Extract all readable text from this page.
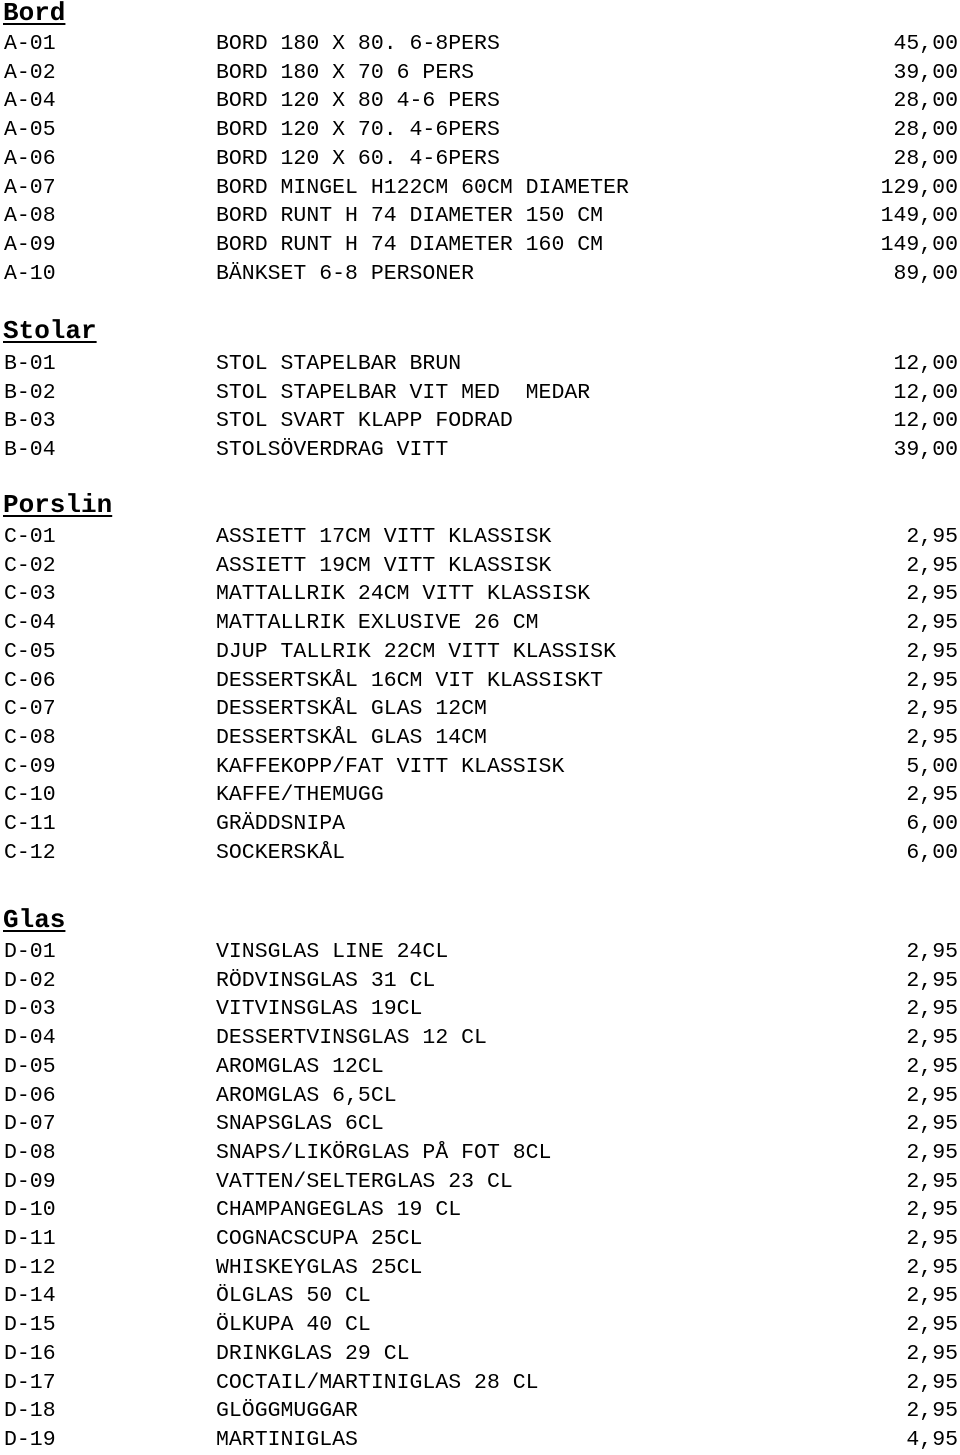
Bord
A-01	BORD 180 X 80. 6-8PERS	45,00
A-02	BORD 180 X 70 6 PERS	39,00
A-04	BORD 120 X 80 4-6 PERS	28,00
A-05	BORD 120 X 70. 4-6PERS	28,00
A-06	BORD 120 X 60. 4-6PERS	28,00
A-07	BORD MINGEL H122CM 60CM DIAMETER	129,00
A-08	BORD RUNT H 74 DIAMETER 150 CM	149,00
A-09	BORD RUNT H 74 DIAMETER 160 CM	149,00
A-10	BÄNKSET 6-8 PERSONER	89,00
Stolar
B-01	STOL STAPELBAR BRUN	12,00
B-02	STOL STAPELBAR VIT MED  MEDAR	12,00
B-03	STOL SVART KLAPP FODRAD	12,00
B-04	STOLSÖVERDRAG VITT	39,00
Porslin
C-01	ASSIETT 17CM VITT KLASSISK	2,95
C-02	ASSIETT 19CM VITT KLASSISK	2,95
C-03	MATTALLRIK 24CM VITT KLASSISK	2,95
C-04	MATTALLRIK EXLUSIVE 26 CM	2,95
C-05	DJUP TALLRIK 22CM VITT KLASSISK	2,95
C-06	DESSERTSKÅL 16CM VIT KLASSISKT	2,95
C-07	DESSERTSKÅL GLAS 12CM	2,95
C-08	DESSERTSKÅL GLAS 14CM	2,95
C-09	KAFFEKOPP/FAT VITT KLASSISK	5,00
C-10	KAFFE/THEMUGG	2,95
C-11	GRÄDDSNIPA	6,00
C-12	SOCKERSKÅL	6,00
Glas
D-01	VINSGLAS LINE 24CL	2,95
D-02	RÖDVINSGLAS 31 CL	2,95
D-03	VITVINSGLAS 19CL	2,95
D-04	DESSERTVINSGLAS 12 CL	2,95
D-05	AROMGLAS 12CL	2,95
D-06	AROMGLAS 6,5CL	2,95
D-07	SNAPSGLAS 6CL	2,95
D-08	SNAPS/LIKÖRGLAS PÅ FOT 8CL	2,95
D-09	VATTEN/SELTERGLAS 23 CL	2,95
D-10	CHAMPANGEGLAS 19 CL	2,95
D-11	COGNACSCUPA 25CL	2,95
D-12	WHISKEYGLAS 25CL	2,95
D-14	ÖLGLAS 50 CL	2,95
D-15	ÖLKUPA 40 CL	2,95
D-16	DRINKGLAS 29 CL	2,95
D-17	COCTAIL/MARTINIGLAS 28 CL	2,95
D-18	GLÖGGMUGGAR	2,95
D-19	MARTINIGLAS	4,95
